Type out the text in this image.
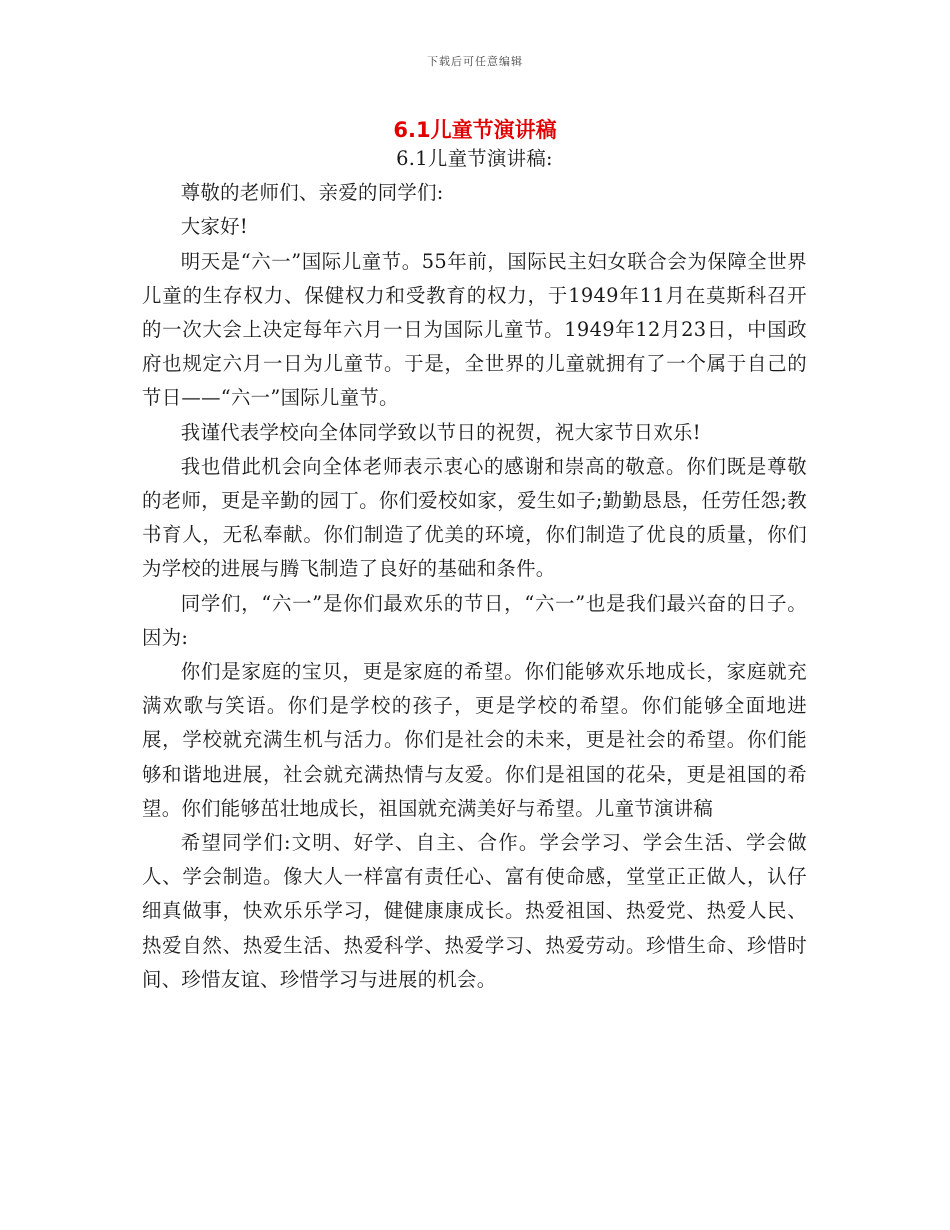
下载后可任意编辑
6.1儿童节演讲稿

6.1儿童节演讲稿:

尊敬的老师们、亲爱的同学们:

大家好!

明天是“六一”国际儿童节。55年前，国际民主妇女联合会为保障全世界儿童的生存权力、保健权力和受教育的权力，于1949年11月在莫斯科召开的一次大会上决定每年六月一日为国际儿童节。1949年12月23日，中国政府也规定六月一日为儿童节。于是，全世界的儿童就拥有了一个属于自己的节日——“六一”国际儿童节。

我谨代表学校向全体同学致以节日的祝贺，祝大家节日欢乐!

我也借此机会向全体老师表示衷心的感谢和崇高的敬意。你们既是尊敬的老师，更是辛勤的园丁。你们爱校如家，爱生如子;勤勤恳恳，任劳任怨;教书育人，无私奉献。你们制造了优美的环境，你们制造了优良的质量，你们为学校的进展与腾飞制造了良好的基础和条件。

同学们，“六一”是你们最欢乐的节日，“六一”也是我们最兴奋的日子。因为:

你们是家庭的宝贝，更是家庭的希望。你们能够欢乐地成长，家庭就充满欢歌与笑语。你们是学校的孩子，更是学校的希望。你们能够全面地进展，学校就充满生机与活力。你们是社会的未来，更是社会的希望。你们能够和谐地进展，社会就充满热情与友爱。你们是祖国的花朵，更是祖国的希望。你们能够茁壮地成长，祖国就充满美好与希望。儿童节演讲稿

希望同学们:文明、好学、自主、合作。学会学习、学会生活、学会做人、学会制造。像大人一样富有责任心、富有使命感，堂堂正正做人，认仔细真做事，快欢乐乐学习，健健康康成长。热爱祖国、热爱党、热爱人民、热爱自然、热爱生活、热爱科学、热爱学习、热爱劳动。珍惜生命、珍惜时间、珍惜友谊、珍惜学习与进展的机会。
